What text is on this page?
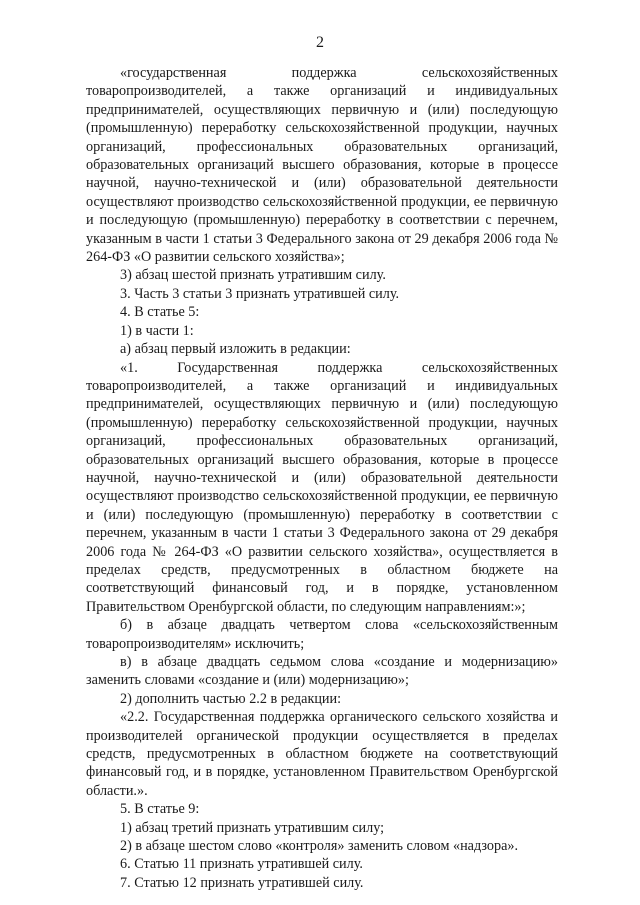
2

«государственная поддержка сельскохозяйственных товаропроизводителей, а также организаций и индивидуальных предпринимателей, осуществляющих первичную и (или) последующую (промышленную) переработку сельскохозяйственной продукции, научных организаций, профессиональных образовательных организаций, образовательных организаций высшего образования, которые в процессе научной, научно-технической и (или) образовательной деятельности осуществляют производство сельскохозяйственной продукции, ее первичную и последующую (промышленную) переработку в соответствии с перечнем, указанным в части 1 статьи 3 Федерального закона от 29 декабря 2006 года № 264-ФЗ «О развитии сельского хозяйства»;

3) абзац шестой признать утратившим силу.

3. Часть 3 статьи 3 признать утратившей силу.

4. В статье 5:

1) в части 1:

а) абзац первый изложить в редакции:

«1. Государственная поддержка сельскохозяйственных товаропроизводителей, а также организаций и индивидуальных предпринимателей, осуществляющих первичную и (или) последующую (промышленную) переработку сельскохозяйственной продукции, научных организаций, профессиональных образовательных организаций, образовательных организаций высшего образования, которые в процессе научной, научно-технической и (или) образовательной деятельности осуществляют производство сельскохозяйственной продукции, ее первичную и (или) последующую (промышленную) переработку в соответствии с перечнем, указанным в части 1 статьи 3 Федерального закона от 29 декабря 2006 года № 264-ФЗ «О развитии сельского хозяйства», осуществляется в пределах средств, предусмотренных в областном бюджете на соответствующий финансовый год, и в порядке, установленном Правительством Оренбургской области, по следующим направлениям:»;

б) в абзаце двадцать четвертом слова «сельскохозяйственным товаропроизводителям» исключить;

в) в абзаце двадцать седьмом слова «создание и модернизацию» заменить словами «создание и (или) модернизацию»;

2) дополнить частью 2.2 в редакции:

«2.2. Государственная поддержка органического сельского хозяйства и производителей органической продукции осуществляется в пределах средств, предусмотренных в областном бюджете на соответствующий финансовый год, и в порядке, установленном Правительством Оренбургской области.».

5. В статье 9:

1) абзац третий признать утратившим силу;

2) в абзаце шестом слово «контроля» заменить словом «надзора».

6. Статью 11 признать утратившей силу.

7. Статью 12 признать утратившей силу.
